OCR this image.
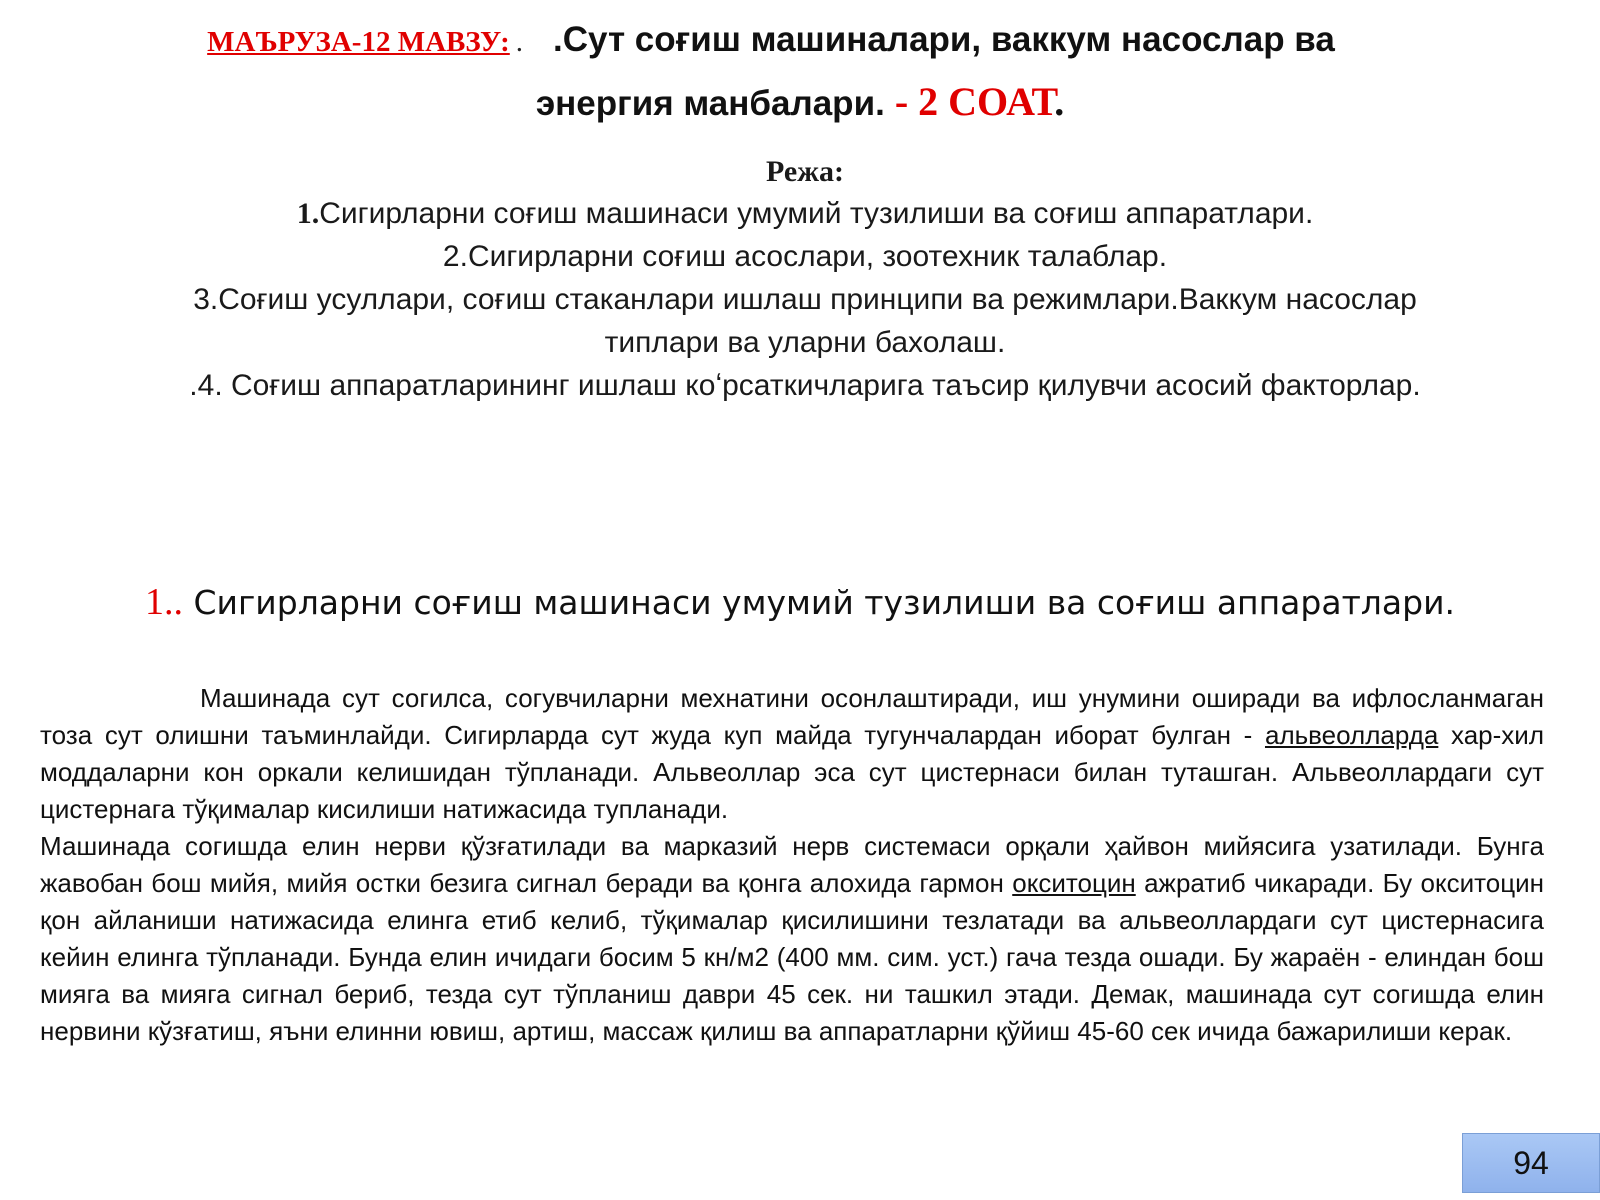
МАЪРУЗА-12 МАВЗУ: . .Сут соғиш машиналари, ваккум насослар ва
энергия манбалари. - 2 СОАТ.
Режа:
1.Сигирларни соғиш машинаси умумий тузилиши ва соғиш аппаратлари.
2.Сигирларни соғиш асослари, зоотехник талаблар.
3.Соғиш усуллари, соғиш стаканлари ишлаш принципи ва режимлари.Ваккум насослар
типлари ва уларни бахолаш.
.4. Соғиш аппаратларининг ишлаш коʻрсаткичларига таъсир қилувчи асосий факторлар.
1.. Сигирларни соғиш машинаси умумий тузилиши ва соғиш аппаратлари.

Машинада сут согилса, согувчиларни мехнатини осонлаштиради, иш унумини оширади ва ифлосланмаган тоза сут олишни таъминлайди. Сигирларда сут жуда куп майда тугунчалардан иборат булган - альвеолларда хар-хил моддаларни кон оркали келишидан тўпланади. Альвеоллар эса сут цистернаси билан туташган. Альвеоллардаги сут цистернага тўқималар кисилиши натижасида тупланади.

Машинада согишда елин нерви қўзғатилади ва марказий нерв системаси орқали ҳайвон мийясига узатилади. Бунга жавобан бош мийя, мийя остки безига сигнал беради ва қонга алохида гармон окситоцин ажратиб чикаради. Бу окситоцин қон айланиши натижасида елинга етиб келиб, тўқималар қисилишини тезлатади ва альвеоллардаги сут цистернасига кейин елинга тўпланади. Бунда елин ичидаги босим 5 кн/м2 (400 мм. сим. уст.) гача тезда ошади. Бу жараён - елиндан бош мияга ва мияга сигнал бериб, тезда сут тўпланиш даври 45 сек. ни ташкил этади. Демак, машинада сут согишда елин нервини кўзғатиш, яъни елинни ювиш, артиш, массаж қилиш ва аппаратларни қўйиш 45-60 сек ичида бажарилиши керак.

94
